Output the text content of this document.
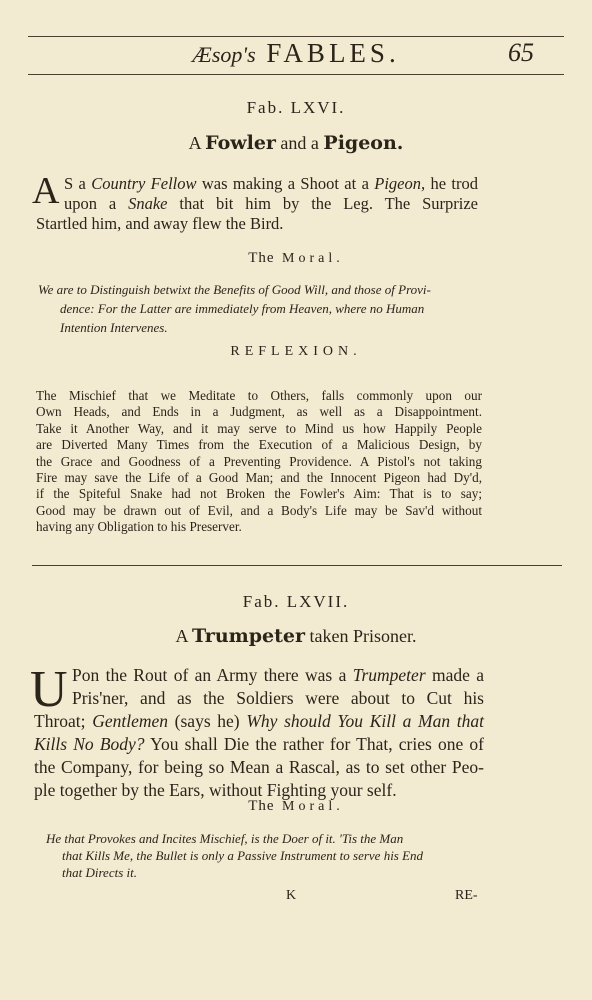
Æsop's FABLES.	65
Fab. LXVI.
A Fowler and a Pigeon.
A S a Country Fellow was making a Shoot at a Pigeon, he trod
upon a Snake that bit him by the Leg. The Surprize
Startled him, and away flew the Bird.
The Moral.
We are to Distinguish betwixt the Benefits of Good Will, and those of Provi-
dence: For the Latter are immediately from Heaven, where no Human
Intention Intervenes.
REFLEXION.
The Mischief that we Meditate to Others, falls commonly upon our
Own Heads, and Ends in a Judgment, as well as a Disappointment.
Take it Another Way, and it may serve to Mind us how Happily People
are Diverted Many Times from the Execution of a Malicious Design, by
the Grace and Goodness of a Preventing Providence. A Pistol's not taking
Fire may save the Life of a Good Man; and the Innocent Pigeon had Dy'd,
if the Spiteful Snake had not Broken the Fowler's Aim: That is to say;
Good may be drawn out of Evil, and a Body's Life may be Sav'd without
having any Obligation to his Preserver.
Fab. LXVII.
A Trumpeter taken Prisoner.
U Pon the Rout of an Army there was a Trumpeter made a
Pris'ner, and as the Soldiers were about to Cut his
Throat; Gentlemen (says he) Why should You Kill a Man that
Kills No Body? You shall Die the rather for That, cries one of
the Company, for being so Mean a Rascal, as to set other Peo-
ple together by the Ears, without Fighting your self.
The Moral.
He that Provokes and Incites Mischief, is the Doer of it. 'Tis the Man
that Kills Me, the Bullet is only a Passive Instrument to serve his End
that Directs it.
K	RE-
